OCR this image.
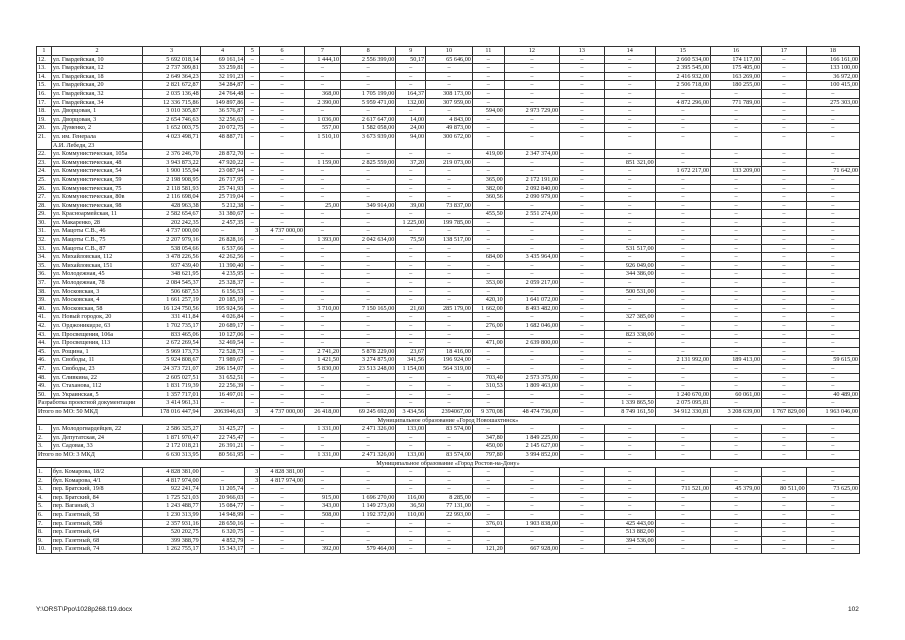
1	2	3	4	5	6	7	8	9	10	11	12	13	14	15	16	17	18
12.	ул. Гвардейская, 10	5 692 018,14	69 161,14	–	–	1 444,10	2 556 399,00	50,17	65 646,00	–	–	–	–	2 660 534,00	174 117,00	–	166 161,00
13.	ул. Гвардейская, 12	2 737 309,81	33 259,81	–	–	–	–	–	–	–	–	–	–	2 395 545,00	175 405,00	–	133 100,00
14.	ул. Гвардейская, 18	2 649 364,23	32 191,23	–	–	–	–	–	–	–	–	–	–	2 416 932,00	163 269,00	–	36 972,00
15.	ул. Гвардейская, 20	2 821 672,87	34 284,87	–	–	–	–	–	–	–	–	–	–	2 506 718,00	180 255,00	–	100 415,00
16.	ул. Гвардейская, 32	2 035 136,48	24 764,48	–	–	368,00	1 705 199,00	164,37	308 173,00	–	–	–	–	–	–	–	–
17.	ул. Гвардейская, 34	12 336 715,86	149 897,86	–	–	2 390,00	5 959 471,00	132,00	307 959,00	–	–	–	–	4 872 296,00	771 789,00	–	275 303,00
18.	ул. Дворцовая, 1	3 010 305,87	36 576,87	–	–	–	–	–	–	594,00	2 973 729,00	–	–	–	–	–	–
19.	ул. Дворцовая, 3	2 654 746,63	32 256,63	–	–	1 036,00	2 617 647,00	14,00	4 843,00	–	–	–	–	–	–	–	–
20.	ул. Думенко, 2	1 652 003,75	20 072,75	–	–	557,00	1 582 058,00	24,00	49 873,00	–	–	–	–	–	–	–	–
21.	ул. им. Генерала	4 023 498,71	48 887,71	–	–	1 510,10	3 673 939,00	94,00	300 672,00	–	–	–	–	–	–	–	–
	А.И. Лебедя, 23																
22.	ул. Коммунистическая, 105а	2 376 246,70	28 872,70	–	–	–	–	–	–	419,00	2 347 374,00	–	–	–	–	–	–
23.	ул. Коммунистическая, 48	3 943 873,22	47 920,22	–	–	1 159,00	2 825 559,00	37,20	219 073,00	–	–	–	851 321,00	–	–	–	–
24.	ул. Коммунистическая, 54	1 900 155,94	23 087,94	–	–	–	–	–	–	–	–	–	–	1 672 217,00	133 209,00	–	71 642,00
25.	ул. Коммунистическая, 59	2 198 908,95	26 717,95	–	–	–	–	–	–	365,00	2 172 191,00	–	–	–	–	–	–
26.	ул. Коммунистическая, 75	2 118 581,93	25 741,93	–	–	–	–	–	–	382,00	2 092 840,00	–	–	–	–	–	–
27.	ул. Коммунистическая, 80в	2 116 698,04	25 719,04	–	–	–	–	–	–	360,56	2 090 979,00	–	–	–	–	–	–
28.	ул. Коммунистическая, 98	428 963,38	5 212,38	–	–	25,00	349 914,00	39,00	73 837,00	–	–	–	–	–	–	–	–
29.	ул. Красноармейская, 11	2 582 654,67	31 380,67	–	–	–	–	–	–	455,50	2 551 274,00	–	–	–	–	–	–
30.	ул. Макаренко, 28	202 242,35	2 457,35	–	–	–	–	1 225,00	199 785,00	–	–	–	–	–	–	–	–
31.	ул. Мацоты С.В., 46	4 737 000,00	–	3	4 737 000,00	–	–	–	–	–	–	–	–	–	–	–	–
32.	ул. Мацоты С.В., 75	2 207 979,16	26 828,16	–	–	1 393,00	2 042 634,00	75,50	138 517,00	–	–	–	–	–	–	–	–
33.	ул. Мацоты С.В., 87	538 054,66	6 537,66	–	–	–	–	–	–	–	–	–	531 517,00	–	–	–	–
34.	ул. Михайловская, 112	3 478 226,56	42 262,56	–	–	–	–	–	–	684,00	3 435 964,00	–	–	–	–	–	–
35.	ул. Михайловская, 151	937 439,40	11 390,40	–	–	–	–	–	–	–	–	–	926 049,00	–	–	–	–
36.	ул. Молодежная, 45	348 621,95	4 235,95	–	–	–	–	–	–	–	–	–	344 386,00	–	–	–	–
37.	ул. Молодежная, 78	2 084 545,37	25 328,37	–	–	–	–	–	–	353,00	2 059 217,00	–	–	–	–	–	–
38.	ул. Московская, 3	506 687,53	6 156,53	–	–	–	–	–	–	–	–	–	500 531,00	–	–	–	–
39.	ул. Московская, 4	1 661 257,19	20 185,19	–	–	–	–	–	–	420,10	1 641 072,00	–	–	–	–	–	–
40.	ул. Московская, 58	16 124 750,56	195 924,56	–	–	3 710,00	7 150 165,00	21,60	285 179,00	1 662,00	8 493 482,00	–	–	–	–	–	–
41.	ул. Новый городок, 20	331 411,84	4 026,84	–	–	–	–	–	–	–	–	–	327 385,00	–	–	–	–
42.	ул. Орджоникидзе, 63	1 702 735,17	20 689,17	–	–	–	–	–	–	276,00	1 682 046,00	–	–	–	–	–	–
43.	ул. Просвещения, 106а	833 465,06	10 127,06	–	–	–	–	–	–	–	–	–	823 338,00	–	–	–	–
44.	ул. Просвещения, 113	2 672 269,54	32 469,54	–	–	–	–	–	–	471,00	2 639 800,00	–	–	–	–	–	–
45.	ул. Рощина, 1	5 969 173,73	72 528,73	–	–	2 741,20	5 878 229,00	23,67	18 416,00	–	–	–	–	–	–	–	–
46.	ул. Свободы, 11	5 924 808,67	71 989,67	–	–	1 421,50	3 274 875,00	341,56	196 924,00	–	–	–	–	2 131 992,00	189 413,00	–	59 615,00
47.	ул. Свободы, 23	24 373 721,07	296 154,07	–	–	5 830,00	23 513 248,00	1 154,00	564 319,00	–	–	–	–	–	–	–	–
48.	ул. Сливкина, 22	2 605 027,51	31 652,51	–	–	–	–	–	–	703,40	2 573 375,00	–	–	–	–	–	–
49.	ул. Стаханова, 112	1 831 719,39	22 256,39	–	–	–	–	–	–	310,53	1 809 463,00	–	–	–	–	–	–
50.	ул. Украинская, 5	1 357 717,01	16 497,01	–	–	–	–	–	–	–	–	–	–	1 240 670,00	60 061,00	–	40 489,00
Разработка проектной документации		3 414 961,31	–	–	–	–	–	–	–	–	–	–	1 339 865,50	2 075 095,81	–	–	–
Итого по МО: 50 МКД		178 016 447,94	2063946,63	3	4 737 000,00	26 418,00	69 245 692,00	3 434,56	2394067,00	9 370,08	48 474 736,00	–	8 749 161,50	34 912 330,81	3 208 639,00	1 767 829,00	1 963 046,00
Муниципальное образование «Город Новошахтинск»																	
1.	ул. Молодогвардейцев, 22	2 586 325,27	31 425,27	–	–	1 331,00	2 471 326,00	133,00	83 574,00	–	–	–	–	–	–	–	–
2.	ул. Депутатская, 24	1 871 970,47	22 745,47	–	–	–	–	–	–	347,80	1 849 225,00	–	–	–	–	–	–
3.	ул. Садовая, 33	2 172 018,21	26 391,21	–	–	–	–	–	–	450,00	2 145 627,00	–	–	–	–	–	–
Итого по МО: 3 МКД		6 630 313,95	80 561,95	–	–	1 331,00	2 471 326,00	133,00	83 574,00	797,80	3 994 852,00	–	–	–	–	–	–
Муниципальное образование «Город Ростов-на-Дону»																	
1.	бул. Комарова, 18/2	4 828 381,00	–	3	4 828 381,00	–	–	–	–	–	–	–	–	–	–	–	–
2.	бул. Комарова, 4/1	4 817 974,00	–	3	4 817 974,00	–	–	–	–	–	–	–	–	–	–	–	–
3.	пер. Братский, 19/8	922 241,74	11 205,74	–	–	–	–	–	–	–	–	–	–	711 521,00	45 379,00	80 511,00	73 625,00
4.	пер. Братский, 84	1 725 521,03	20 966,03	–	–	915,00	1 696 270,00	116,00	8 285,00	–	–	–	–	–	–	–	–
5.	пер. Ваганый, 3	1 243 488,77	15 084,77	–	–	343,00	1 149 273,00	36,50	77 131,00	–	–	–	–	–	–	–	–
6.	пер. Газетный, 58	1 230 313,99	14 948,99	–	–	508,00	1 192 372,00	110,00	22 993,00	–	–	–	–	–	–	–	–
7.	пер. Газетный, 58б	2 357 931,16	28 650,16	–	–	–	–	–	–	376,01	1 903 838,00	–	425 443,00	–	–	–	–
8.	пер. Газетный, 64	520 202,75	6 320,75	–	–	–	–	–	–	–	–	–	513 882,00	–	–	–	–
9.	пер. Газетный, 68	399 388,79	4 852,79	–	–	–	–	–	–	–	–	–	394 536,00	–	–	–	–
10.	пер. Газетный, 74	1 262 755,17	15 343,17	–	–	392,00	579 464,00	–	–	121,20	667 928,00	–	–	–	–	–	–
Y:\ORST\Ppo\1028p268.f19.docx	102
